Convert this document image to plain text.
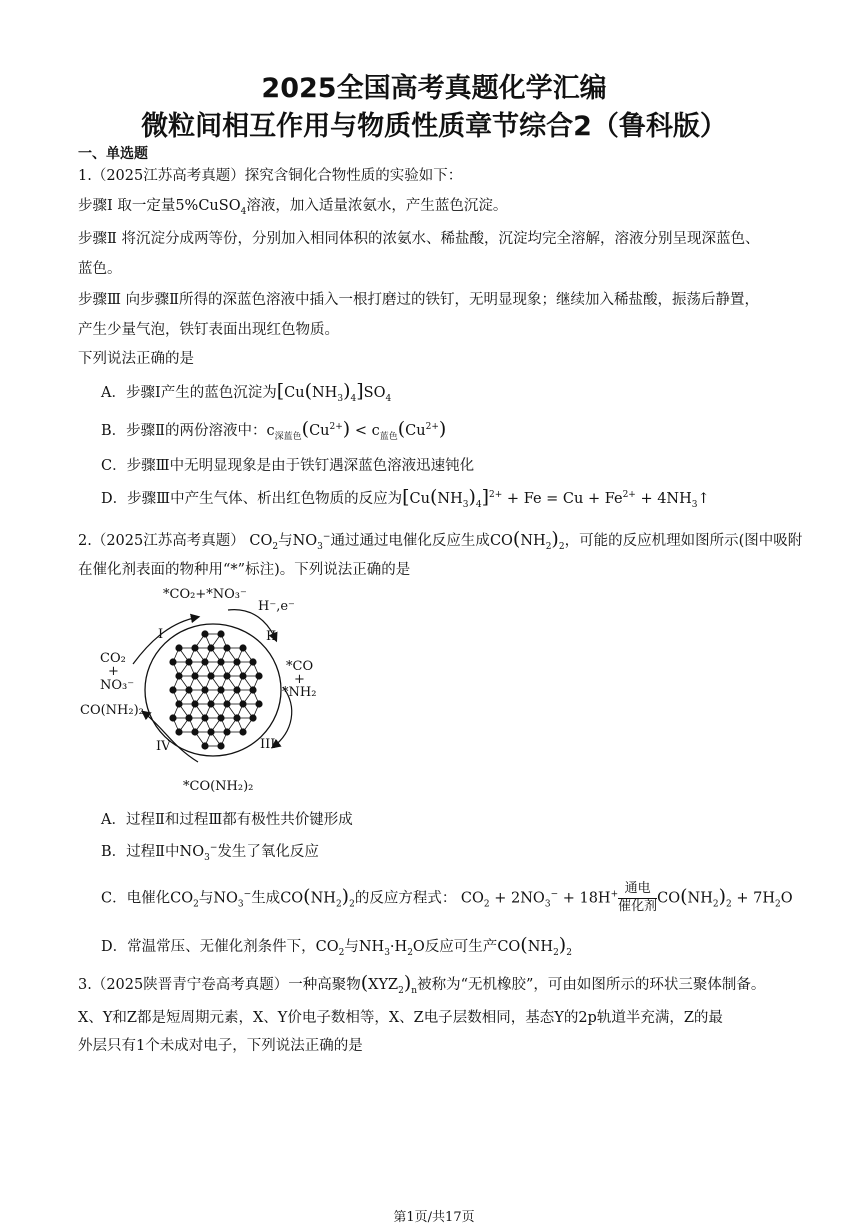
2025全国高考真题化学汇编
微粒间相互作用与物质性质章节综合2（鲁科版）
一、单选题
1.（2025江苏高考真题）探究含铜化合物性质的实验如下：
步骤Ⅰ 取一定量5%CuSO$_4$溶液，加入适量浓氨水，产生蓝色沉淀。
步骤Ⅱ 将沉淀分成两等份，分别加入相同体积的浓氨水、稀盐酸，沉淀均完全溶解，溶液分别呈现深蓝色、
蓝色。
步骤Ⅲ 向步骤Ⅱ所得的深蓝色溶液中插入一根打磨过的铁钉，无明显现象；继续加入稀盐酸，振荡后静置，
产生少量气泡，铁钉表面出现红色物质。
下列说法正确的是
A．步骤Ⅰ产生的蓝色沉淀为$[Cu(NH_3)_4]SO_4$
B．步骤Ⅱ的两份溶液中：$c_{深蓝色}(Cu^{2+}) < c_{蓝色}(Cu^{2+})$
C．步骤Ⅲ中无明显现象是由于铁钉遇深蓝色溶液迅速钝化
D．步骤Ⅲ中产生气体、析出红色物质的反应为$[Cu(NH_3)_4]^{2+} + Fe = Cu + Fe^{2+}$ + $4NH_3↑$
2.（2025江苏高考真题） $CO_2$与$NO_3^-$通过通过电催化反应生成$CO(NH_2)_2$，可能的反应机理如图所示(图中吸附
在催化剂表面的物种用“*”标注)。下列说法正确的是
*CO₂+*NO₃⁻
H⁻,e⁻
I	II
III
IV
CO₂
+
NO₃⁻
CO(NH₂)₂
*CO
+
*NH₂
*CO(NH₂)₂
A．过程Ⅱ和过程Ⅲ都有极性共价键形成
B．过程Ⅱ中$NO_3^-$发生了氧化反应
C．电催化$CO_2$与$NO_3^-$生成$CO(NH_2)_2$的反应方程式： $CO_2 + 2NO_3^- + 18H^+ \frac{\text{通电}}{\text{催化剂}} CO(NH_2)_2 + 7H_2O$
D．常温常压、无催化剂条件下，$CO_2$与$NH_3\cdot H_2O$反应可生产$CO(NH_2)_2$
3.（2025陕晋青宁卷高考真题）一种高聚物$(XYZ_2)_n$被称为“无机橡胶”，可由如图所示的环状三聚体制备。
X、Y和Z都是短周期元素，X、Y价电子数相等，X、Z电子层数相同，基态Y的2p轨道半充满，Z的最
外层只有1个未成对电子，下列说法正确的是
第1页/共17页
